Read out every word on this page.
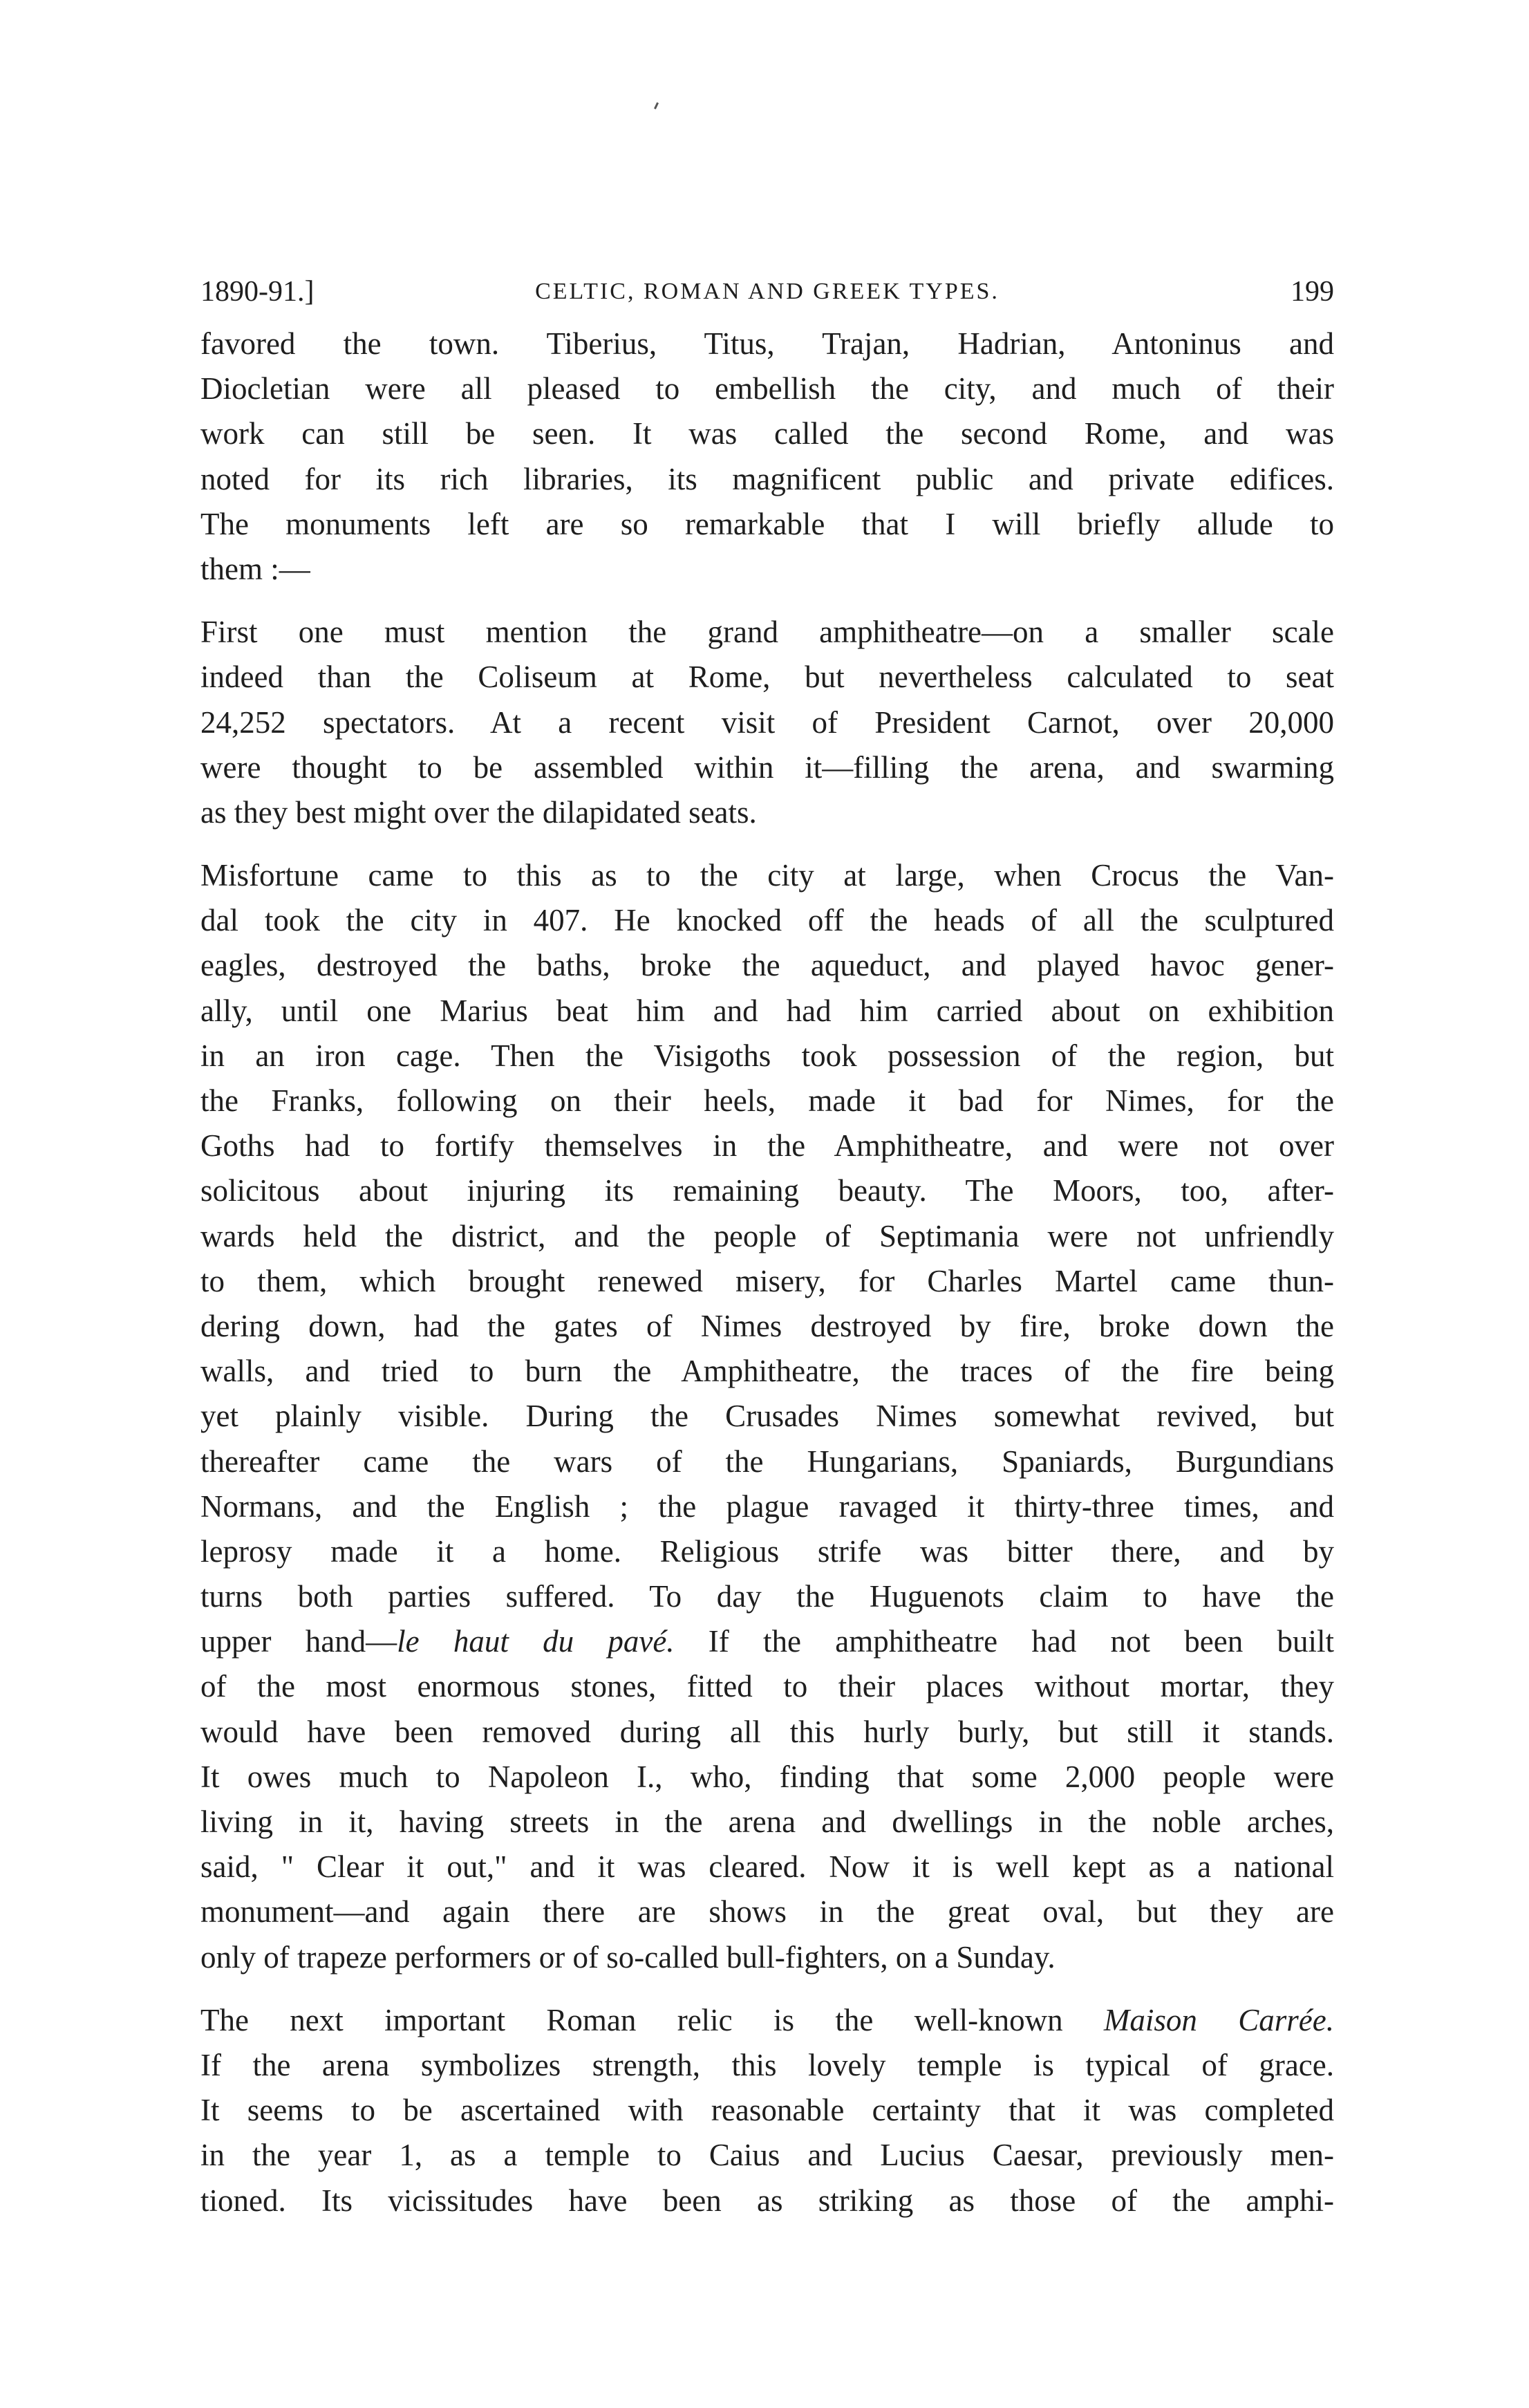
1890-91.]	CELTIC, ROMAN AND GREEK TYPES.	199
favored the town. Tiberius, Titus, Trajan, Hadrian, Antoninus and
Diocletian were all pleased to embellish the city, and much of their
work can still be seen. It was called the second Rome, and was
noted for its rich libraries, its magnificent public and private edifices.
The monuments left are so remarkable that I will briefly allude to
them :—
First one must mention the grand amphitheatre—on a smaller scale
indeed than the Coliseum at Rome, but nevertheless calculated to seat
24,252 spectators. At a recent visit of President Carnot, over 20,000
were thought to be assembled within it—filling the arena, and swarming
as they best might over the dilapidated seats.
Misfortune came to this as to the city at large, when Crocus the Van-
dal took the city in 407. He knocked off the heads of all the sculptured
eagles, destroyed the baths, broke the aqueduct, and played havoc gener-
ally, until one Marius beat him and had him carried about on exhibition
in an iron cage. Then the Visigoths took possession of the region, but
the Franks, following on their heels, made it bad for Nimes, for the
Goths had to fortify themselves in the Amphitheatre, and were not over
solicitous about injuring its remaining beauty. The Moors, too, after-
wards held the district, and the people of Septimania were not unfriendly
to them, which brought renewed misery, for Charles Martel came thun-
dering down, had the gates of Nimes destroyed by fire, broke down the
walls, and tried to burn the Amphitheatre, the traces of the fire being
yet plainly visible. During the Crusades Nimes somewhat revived, but
thereafter came the wars of the Hungarians, Spaniards, Burgundians
Normans, and the English ; the plague ravaged it thirty-three times, and
leprosy made it a home. Religious strife was bitter there, and by
turns both parties suffered. To day the Huguenots claim to have the
upper hand—le haut du pavé. If the amphitheatre had not been built
of the most enormous stones, fitted to their places without mortar, they
would have been removed during all this hurly burly, but still it stands.
It owes much to Napoleon I., who, finding that some 2,000 people were
living in it, having streets in the arena and dwellings in the noble arches,
said, " Clear it out," and it was cleared. Now it is well kept as a national
monument—and again there are shows in the great oval, but they are
only of trapeze performers or of so-called bull-fighters, on a Sunday.
The next important Roman relic is the well-known Maison Carrée.
If the arena symbolizes strength, this lovely temple is typical of grace.
It seems to be ascertained with reasonable certainty that it was completed
in the year 1, as a temple to Caius and Lucius Caesar, previously men-
tioned. Its vicissitudes have been as striking as those of the amphi-
